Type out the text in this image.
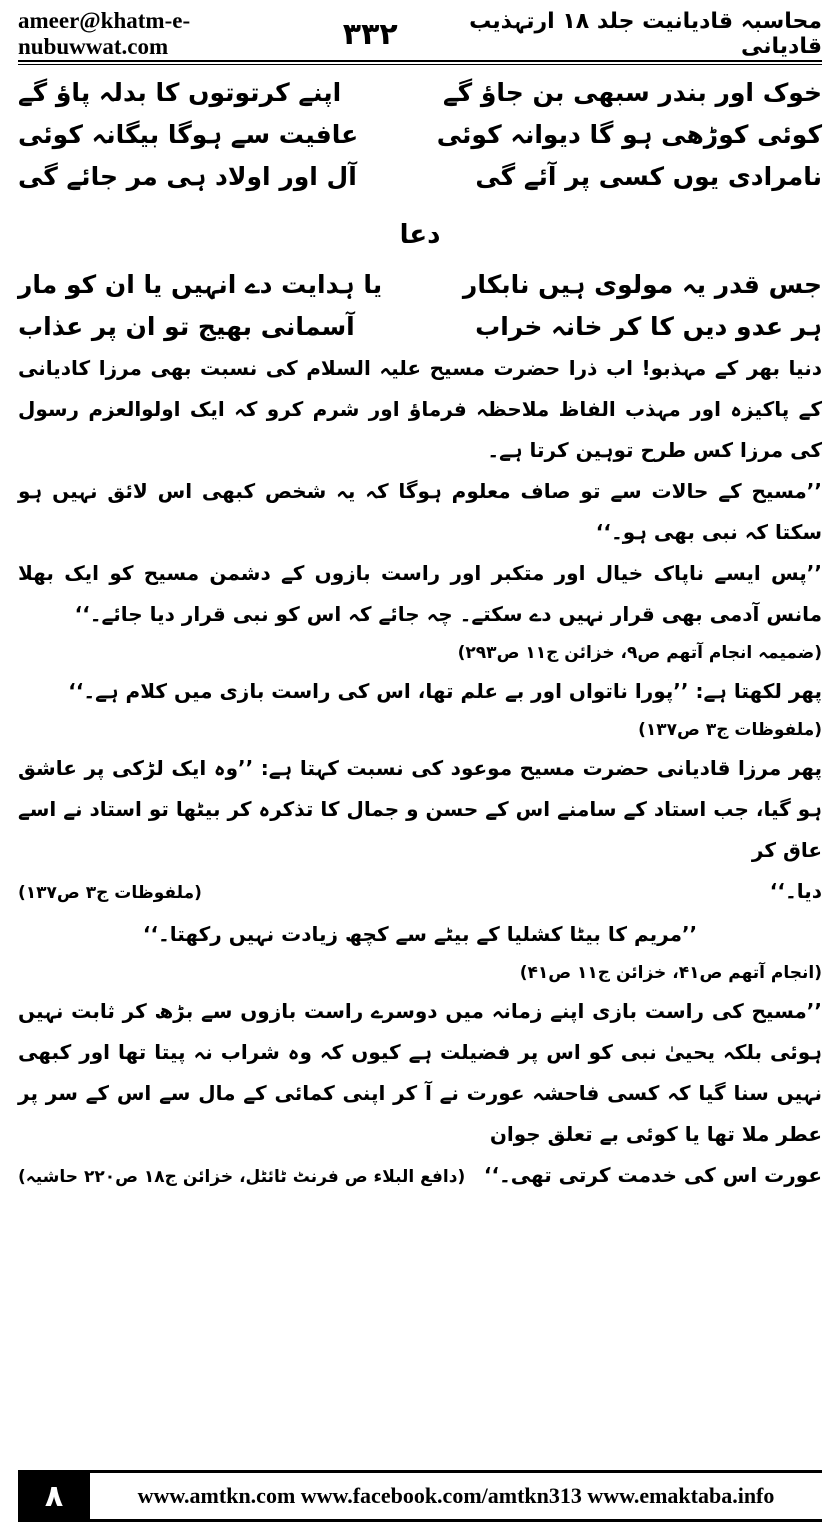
ameer@khatm-e-nubuwwat.com	۳۳۲	محاسبہ قادیانیت جلد ۱۸ ارتہذیب قادیانی
خوک اور بندر سبھی بن جاؤ گے
اپنے کرتوتوں کا بدلہ پاؤ گے
کوئی کوڑھی ہو گا دیوانہ کوئی
عافیت سے ہوگا بیگانہ کوئی
نامرادی یوں کسی پر آئے گی
آل اور اولاد ہی مر جائے گی
دعا
جس قدر یہ مولوی ہیں نابکار
یا ہدایت دے انہیں یا ان کو مار
ہر عدو دیں کا کر خانہ خراب
آسمانی بھیج تو ان پر عذاب

دنیا بھر کے مہذبو! اب ذرا حضرت مسیح علیہ السلام کی نسبت بھی مرزا کادیانی کے پاکیزہ اور مہذب الفاظ ملاحظہ فرماؤ اور شرم کرو کہ ایک اولوالعزم رسول کی مرزا کس طرح توہین کرتا ہے۔

’’مسیح کے حالات سے تو صاف معلوم ہوگا کہ یہ شخص کبھی اس لائق نہیں ہو سکتا کہ نبی بھی ہو۔‘‘

’’پس ایسے ناپاک خیال اور متکبر اور راست بازوں کے دشمن مسیح کو ایک بھلا مانس آدمی بھی قرار نہیں دے سکتے۔ چہ جائے کہ اس کو نبی قرار دیا جائے۔‘‘

(ضمیمہ انجام آتھم ص۹، خزائن ج۱۱ ص۲۹۳)

پھر لکھتا ہے: ’’پورا ناتواں اور بے علم تھا، اس کی راست بازی میں کلام ہے۔‘‘

(ملفوظات ج۳ ص۱۳۷)

پھر مرزا قادیانی حضرت مسیح موعود کی نسبت کہتا ہے: ’’وہ ایک لڑکی پر عاشق ہو گیا، جب استاد کے سامنے اس کے حسن و جمال کا تذکرہ کر بیٹھا تو استاد نے اسے عاق کر

دیا۔‘‘
(ملفوظات ج۳ ص۱۳۷)

’’مریم کا بیٹا کشلیا کے بیٹے سے کچھ زیادت نہیں رکھتا۔‘‘

(انجام آتھم ص۴۱، خزائن ج۱۱ ص۴۱)

’’مسیح کی راست بازی اپنے زمانہ میں دوسرے راست بازوں سے بڑھ کر ثابت نہیں ہوئی بلکہ یحییٰ نبی کو اس پر فضیلت ہے کیوں کہ وہ شراب نہ پیتا تھا اور کبھی نہیں سنا گیا کہ کسی فاحشہ عورت نے آ کر اپنی کمائی کے مال سے اس کے سر پر عطر ملا تھا یا کوئی بے تعلق جوان

عورت اس کی خدمت کرتی تھی۔‘‘
(دافع البلاء ص فرنٹ ٹائٹل، خزائن ج۱۸ ص۲۲۰ حاشیہ)
۸	www.amtkn.com www.facebook.com/amtkn313 www.emaktaba.info
